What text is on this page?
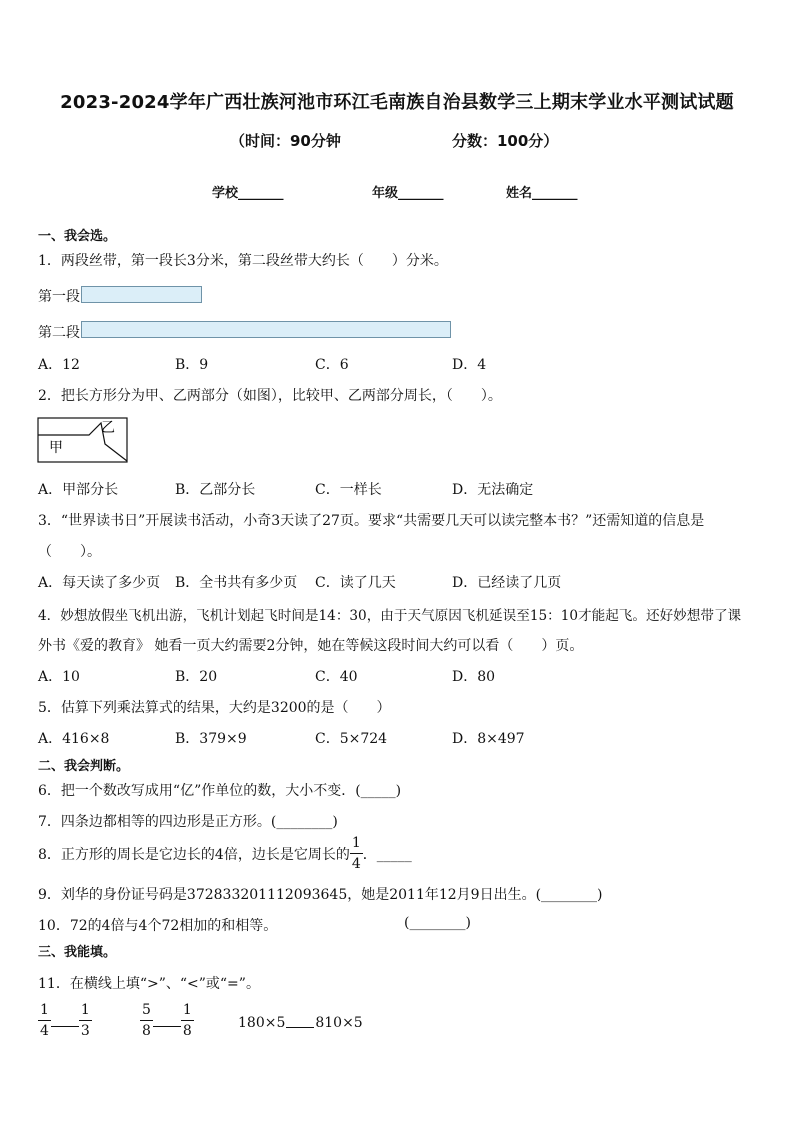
2023-2024学年广西壮族河池市环江毛南族自治县数学三上期末学业水平测试试题
（时间：90分钟	分数：100分）
学校_______	年级_______	姓名_______
一、我会选。
1．两段丝带，第一段长3分米，第二段丝带大约长（　　）分米。
第一段
第二段
A．12	B．9	C．6	D．4
2．把长方形分为甲、乙两部分（如图），比较甲、乙两部分周长，（　　）。
甲
乙
A．甲部分长	B．乙部分长	C．一样长	D．无法确定
3．“世界读书日”开展读书活动，小奇3天读了27页。要求“共需要几天可以读完整本书？”还需知道的信息是
（　　）。
A．每天读了多少页 B．全书共有多少页 C．读了几天	D．已经读了几页
4．妙想放假坐飞机出游，飞机计划起飞时间是14：30，由于天气原因飞机延误至15：10才能起飞。还好妙想带了课
外书《爱的教育》 她看一页大约需要2分钟，她在等候这段时间大约可以看（　　）页。
A．10	B．20	C．40	D．80
5．估算下列乘法算式的结果，大约是3200的是（　　）
A．416×8	B．379×9	C．5×724	D．8×497
二、我会判断。
6．把一个数改写成用“亿”作单位的数，大小不变．(_____)
7．四条边都相等的四边形是正方形。(________)
8．正方形的周长是它边长的4倍，边长是它周长的 $\frac{1}{4}$ ．_____
9．刘华的身份证号码是372833201112093645，她是2011年12月9日出生。(________)
10．72的4倍与4个72相加的和相等。	(________)
三、我能填。
11．在横线上填“>”、“<”或“=”。
$\frac{1}{4} \frac{1}{3}$	$\frac{5}{8} \frac{1}{8}$	180×5 810×5
